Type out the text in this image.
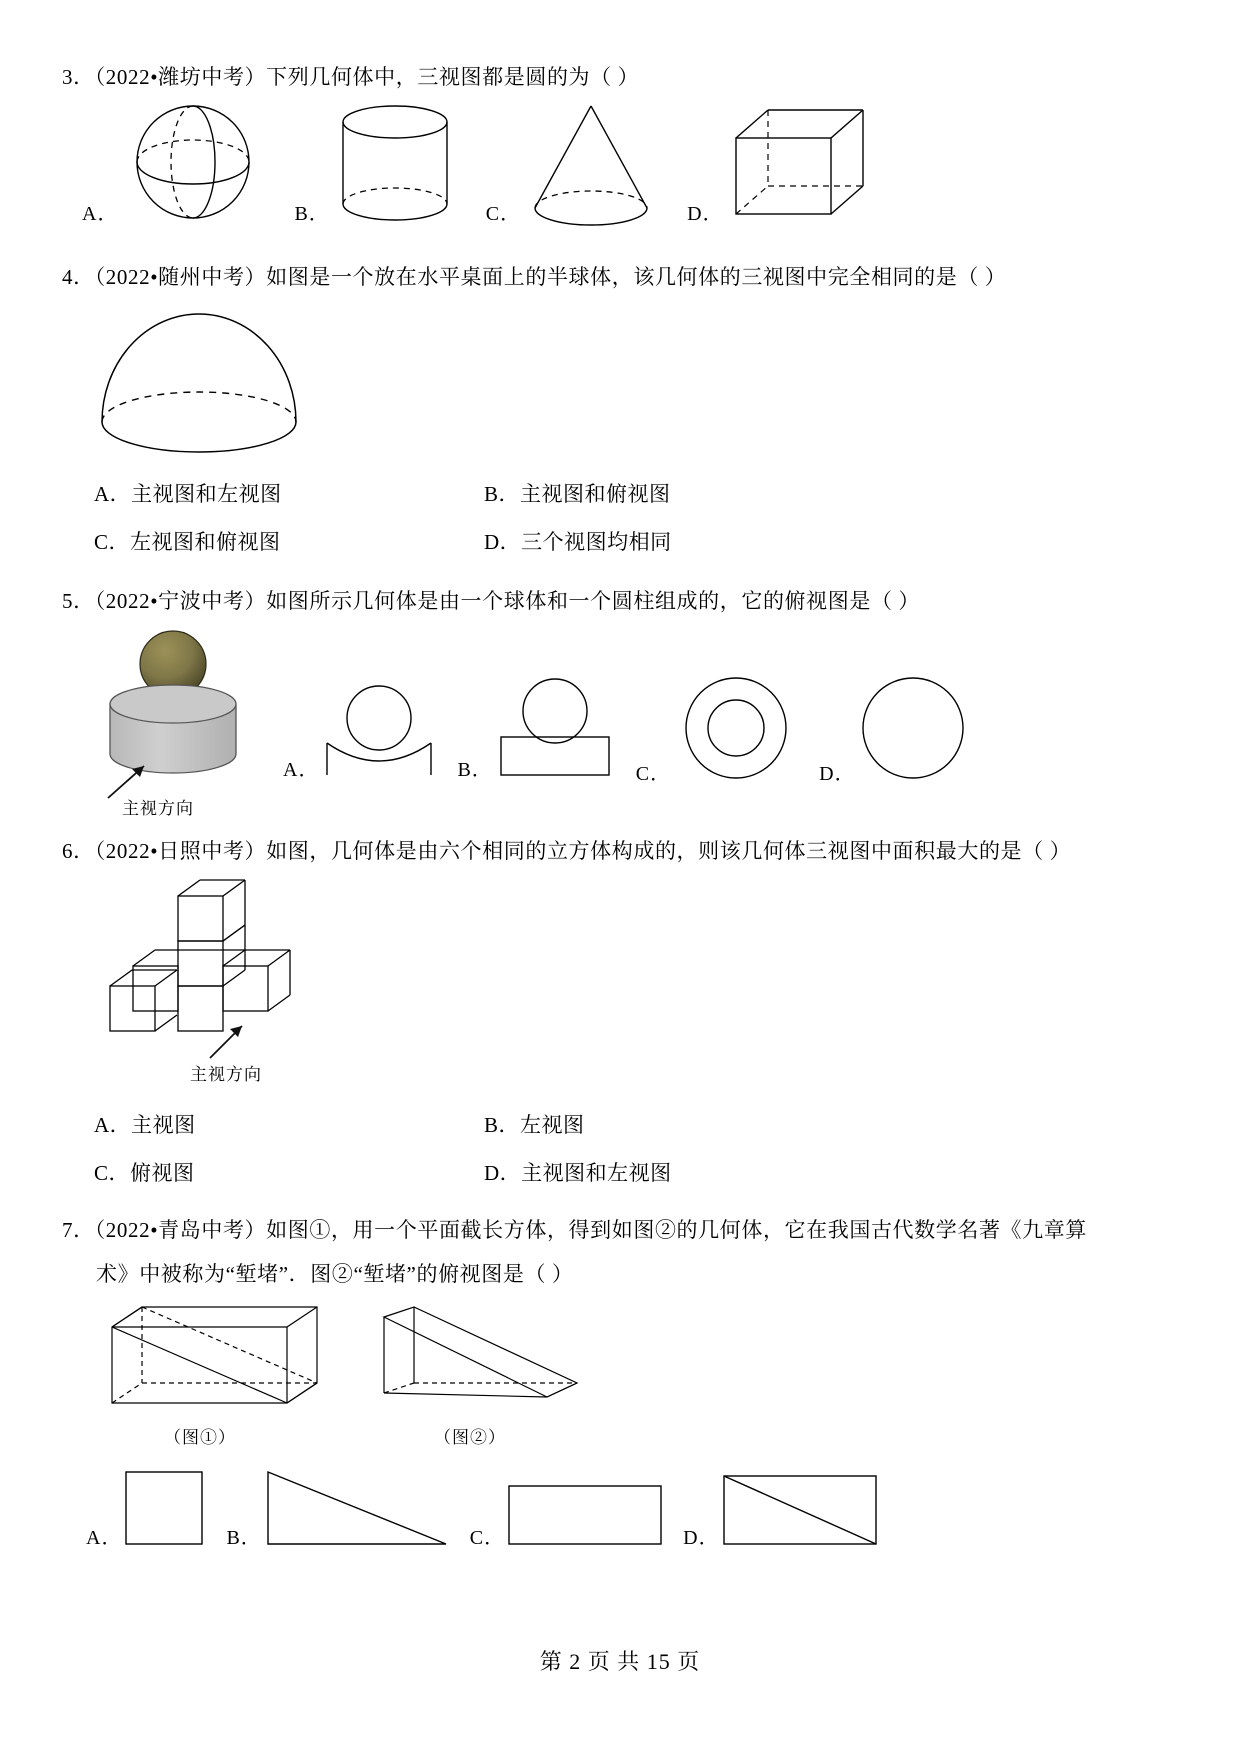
3．（2022•潍坊中考）下列几何体中，三视图都是圆的为（ ）
A．	B．	C．	D．
4．（2022•随州中考）如图是一个放在水平桌面上的半球体，该几何体的三视图中完全相同的是（ ）
A．主视图和左视图	B．主视图和俯视图
C．左视图和俯视图	D．三个视图均相同
5．（2022•宁波中考）如图所示几何体是由一个球体和一个圆柱组成的，它的俯视图是（ ）
主视方向
A．	B．	C．	D．
6．（2022•日照中考）如图，几何体是由六个相同的立方体构成的，则该几何体三视图中面积最大的是（ ）
主视方向
A．主视图	B．左视图
C．俯视图	D．主视图和左视图
7．（2022•青岛中考）如图①，用一个平面截长方体，得到如图②的几何体，它在我国古代数学名著《九章算
术》中被称为“堑堵”．图②“堑堵”的俯视图是（ ）
（图①）	（图②）
A．	B．	C．	D．
第 2 页 共 15 页
